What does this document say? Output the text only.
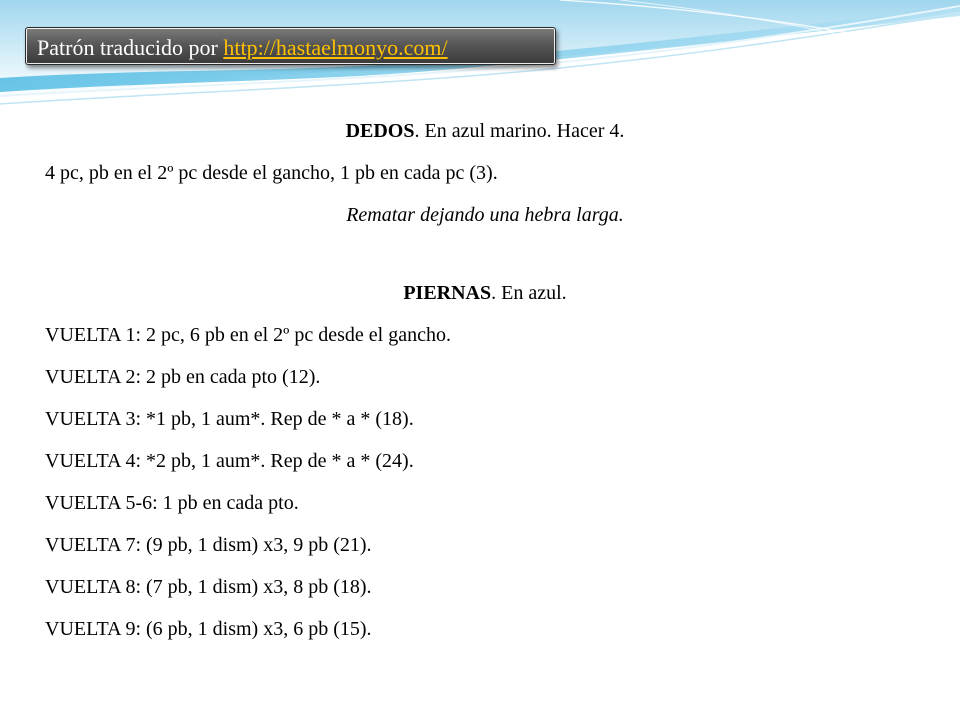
Patrón traducido por http://hastaelmonyo.com/

DEDOS. En azul marino. Hacer 4.

4 pc, pb en el 2º pc desde el gancho, 1 pb en cada pc (3).

Rematar dejando una hebra larga.

PIERNAS. En azul.

VUELTA 1: 2 pc, 6 pb en el 2º pc desde el gancho.

VUELTA 2: 2 pb en cada pto (12).

VUELTA 3: *1 pb, 1 aum*. Rep de * a * (18).

VUELTA 4: *2 pb, 1 aum*. Rep de * a * (24).

VUELTA 5-6: 1 pb en cada pto.

VUELTA 7: (9 pb, 1 dism) x3, 9 pb (21).

VUELTA 8: (7 pb, 1 dism) x3, 8 pb (18).

VUELTA 9: (6 pb, 1 dism) x3, 6 pb (15).
